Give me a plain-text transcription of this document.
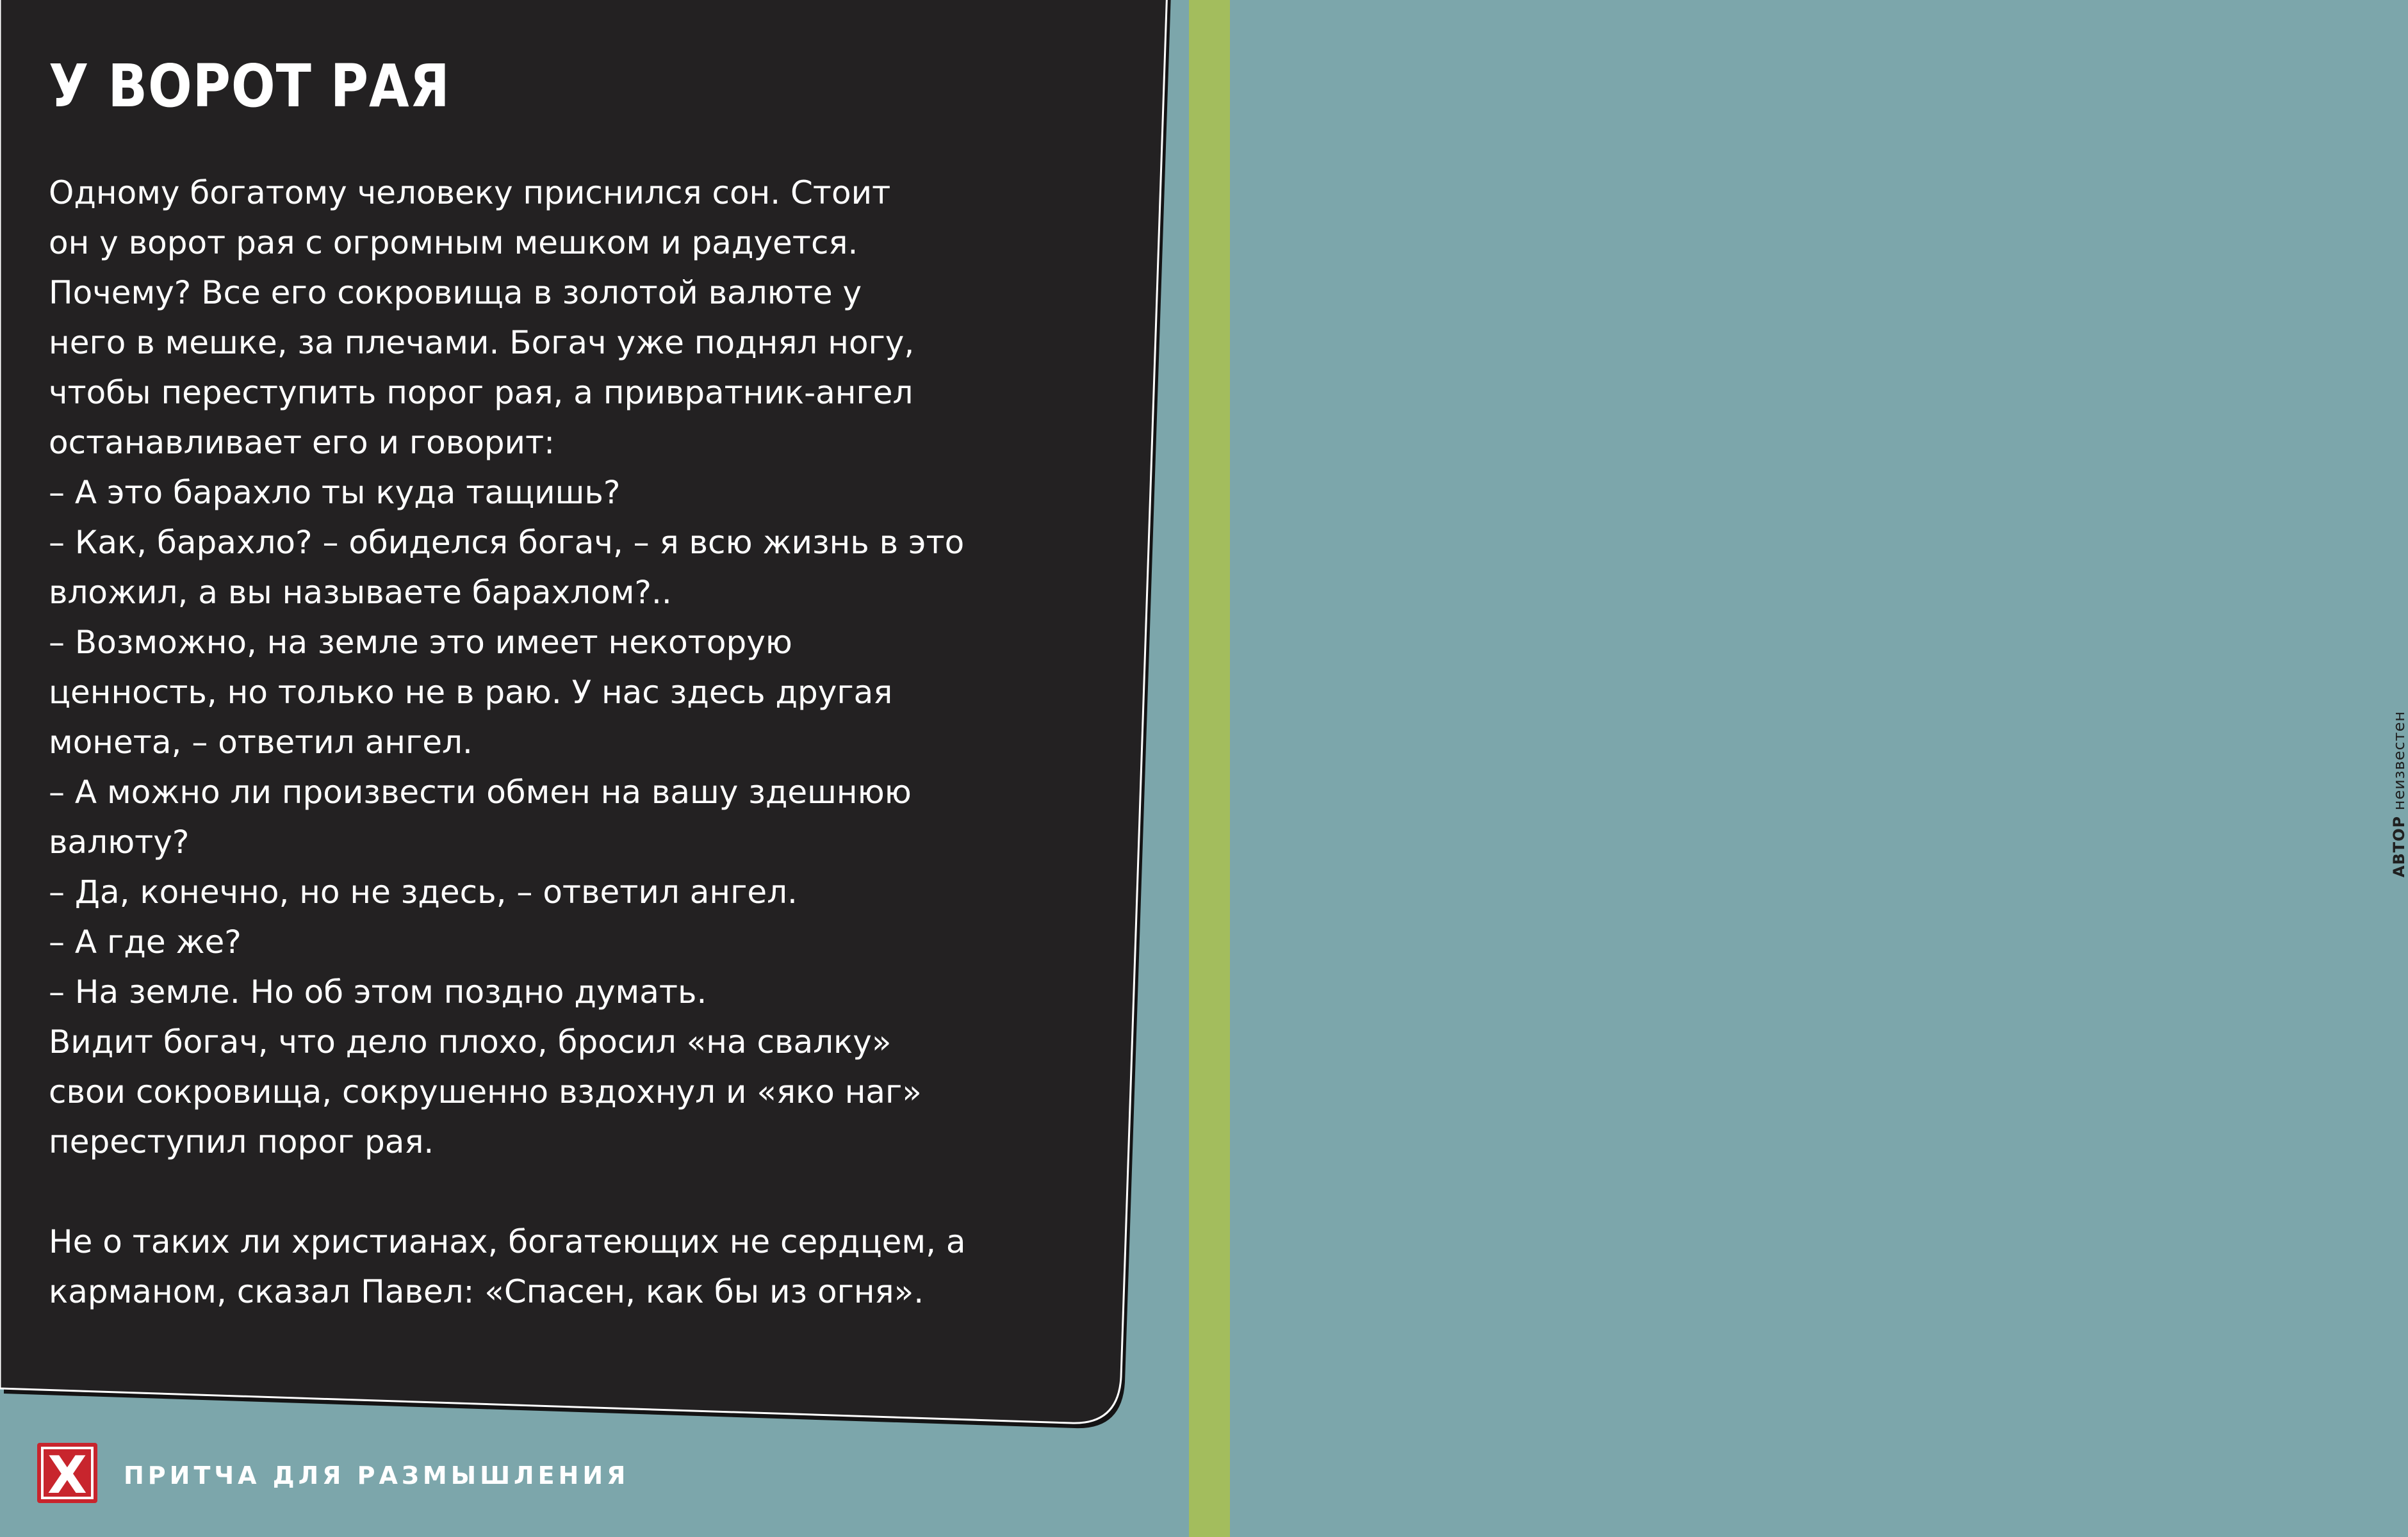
АВТОР неизвестен
У ВОРОТ РАЯ

Одному богатому человеку приснился сон. Стоит
он у ворот рая с огромным мешком и радуется.
Почему? Все его сокровища в золотой валюте у
него в мешке, за плечами. Богач уже поднял ногу,
чтобы переступить порог рая, а привратник-ангел
останавливает его и говорит:

– А это барахло ты куда тащишь?

– Как, барахло? – обиделся богач, – я всю жизнь в это
вложил, а вы называете барахлом?..

– Возможно, на земле это имеет некоторую
ценность, но только не в раю. У нас здесь другая
монета, – ответил ангел.

– А можно ли произвести обмен на вашу здешнюю
валюту?

– Да, конечно, но не здесь, – ответил ангел.

– А где же?

– На земле. Но об этом поздно думать.

Видит богач, что дело плохо, бросил «на свалку»
свои сокровища, сокрушенно вздохнул и «яко наг»
переступил порог рая.

Не о таких ли христианах, богатеющих не сердцем, а
карманом, сказал Павел: «Спасен, как бы из огня».

X ПРИТЧА ДЛЯ РАЗМЫШЛЕНИЯ
